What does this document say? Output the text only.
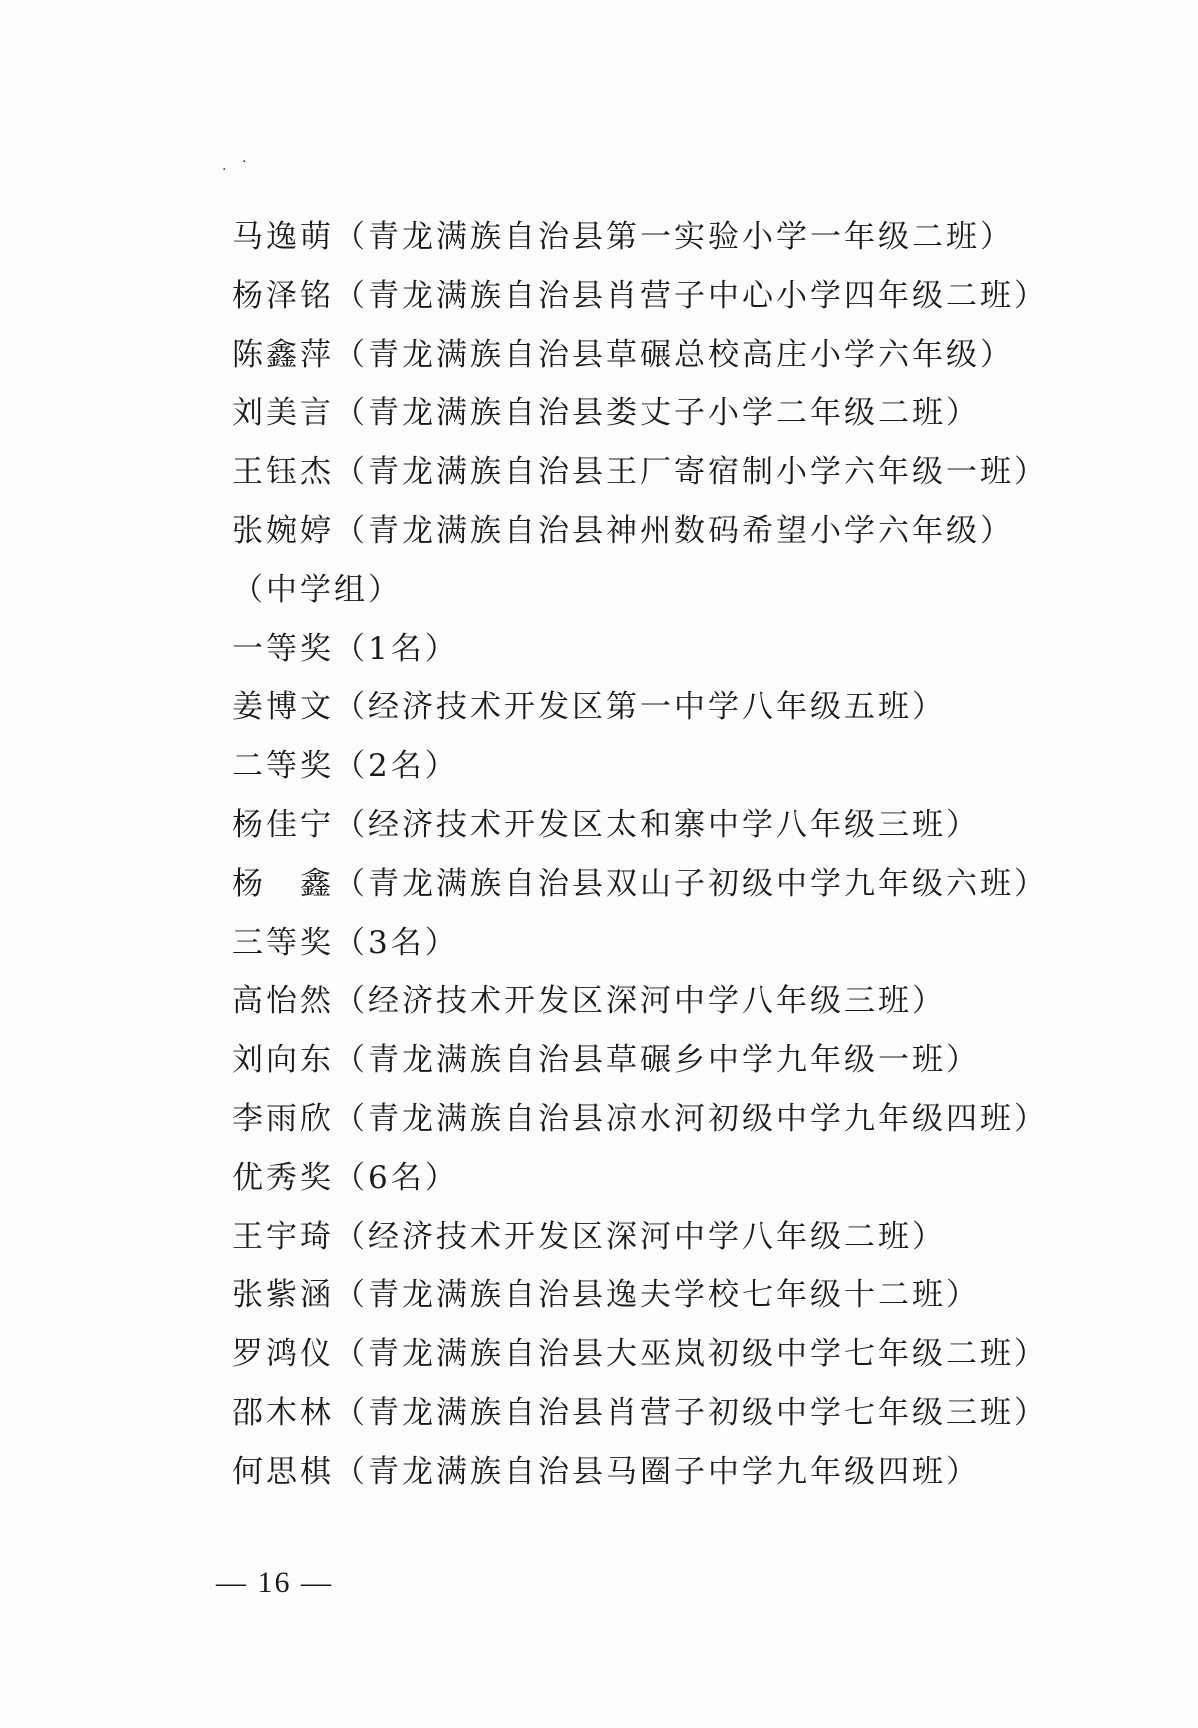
· ·
马逸萌（青龙满族自治县第一实验小学一年级二班）
杨泽铭（青龙满族自治县肖营子中心小学四年级二班）
陈鑫萍（青龙满族自治县草碾总校高庄小学六年级）
刘美言（青龙满族自治县娄丈子小学二年级二班）
王钰杰（青龙满族自治县王厂寄宿制小学六年级一班）
张婉婷（青龙满族自治县神州数码希望小学六年级）
（中学组）
一等奖（1名）
姜博文（经济技术开发区第一中学八年级五班）
二等奖（2名）
杨佳宁（经济技术开发区太和寨中学八年级三班）
杨　鑫（青龙满族自治县双山子初级中学九年级六班）
三等奖（3名）
高怡然（经济技术开发区深河中学八年级三班）
刘向东（青龙满族自治县草碾乡中学九年级一班）
李雨欣（青龙满族自治县凉水河初级中学九年级四班）
优秀奖（6名）
王宇琦（经济技术开发区深河中学八年级二班）
张紫涵（青龙满族自治县逸夫学校七年级十二班）
罗鸿仪（青龙满族自治县大巫岚初级中学七年级二班）
邵木林（青龙满族自治县肖营子初级中学七年级三班）
何思棋（青龙满族自治县马圈子中学九年级四班）
— 16 —
